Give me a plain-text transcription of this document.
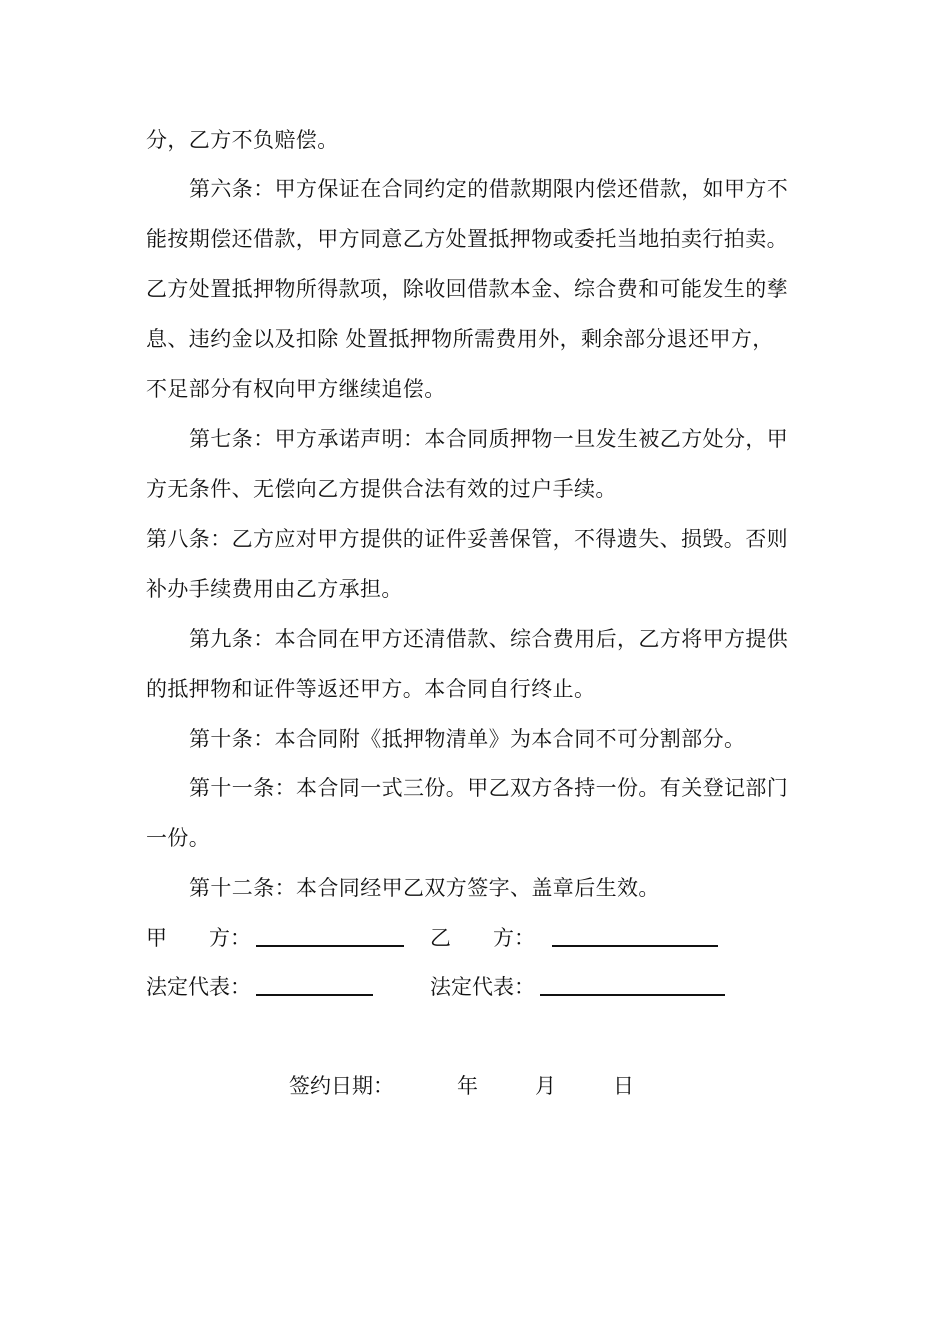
分，乙方不负赔偿。
第六条：甲方保证在合同约定的借款期限内偿还借款，如甲方不
能按期偿还借款，甲方同意乙方处置抵押物或委托当地拍卖行拍卖。
乙方处置抵押物所得款项，除收回借款本金、综合费和可能发生的孳
息、违约金以及扣除 处置抵押物所需费用外，剩余部分退还甲方，
不足部分有权向甲方继续追偿。
第七条：甲方承诺声明：本合同质押物一旦发生被乙方处分，甲
方无条件、无偿向乙方提供合法有效的过户手续。
第八条：乙方应对甲方提供的证件妥善保管，不得遗失、损毁。否则
补办手续费用由乙方承担。
第九条：本合同在甲方还清借款、综合费用后，乙方将甲方提供
的抵押物和证件等返还甲方。本合同自行终止。
第十条：本合同附《抵押物清单》为本合同不可分割部分。
第十一条：本合同一式三份。甲乙双方各持一份。有关登记部门
一份。
第十二条：本合同经甲乙双方签字、盖章后生效。
甲　　方：	乙　　方：
法定代表：	法定代表：
签约日期：	年	月	日
